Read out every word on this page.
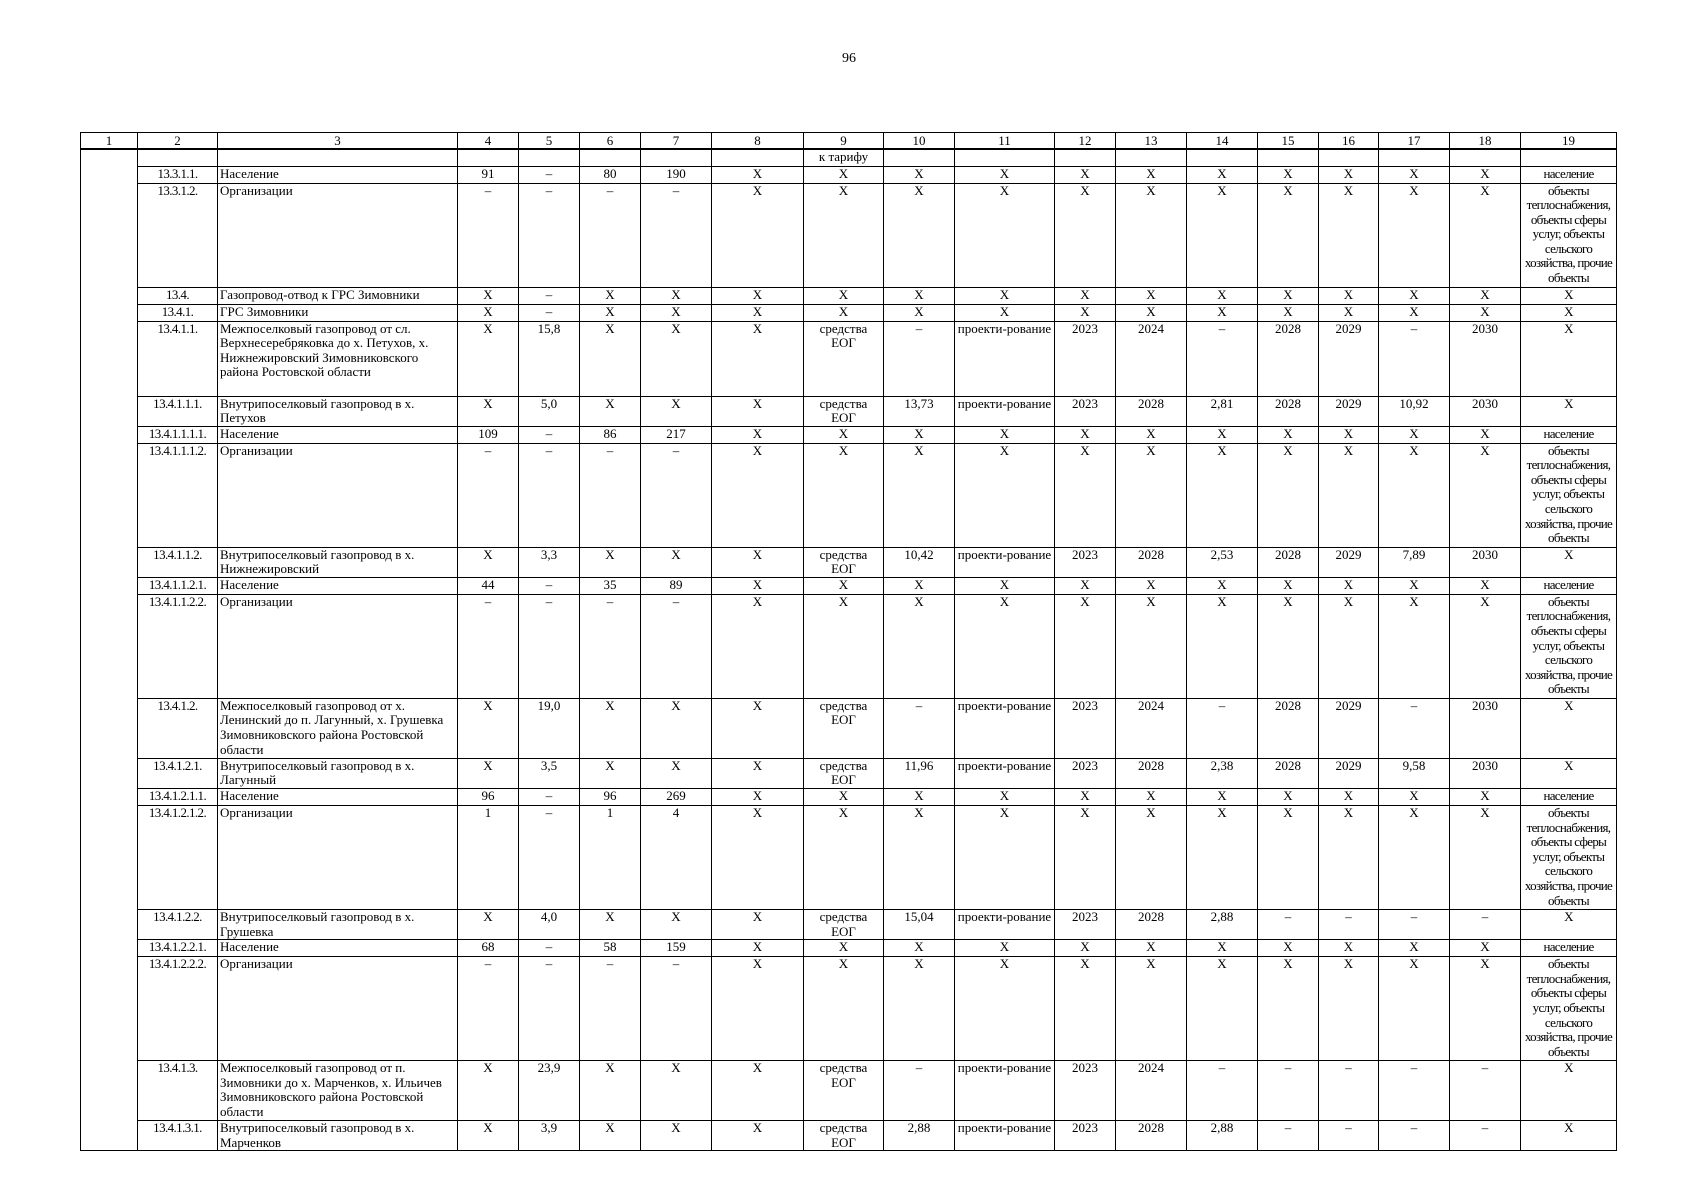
96
1	2	3	4	5	6	7	8	9	10	11	12	13	14	15	16	17	18	19
								к тарифу										
	13.3.1.1.	Население	91	–	80	190	X	X	X	X	X	X	X	X	X	X	X	население
	13.3.1.2.	Организации	–	–	–	–	X	X	X	X	X	X	X	X	X	X	X	объекты теплоснабжения, объекты сферы услуг, объекты сельского хозяйства, прочие объекты
	13.4.	Газопровод-отвод к ГРС Зимовники	X	–	X	X	X	X	X	X	X	X	X	X	X	X	X	X
	13.4.1.	ГРС Зимовники	X	–	X	X	X	X	X	X	X	X	X	X	X	X	X	X
	13.4.1.1.	Межпоселковый газопровод от сл. Верхнесеребряковка до х. Петухов, х. Нижнежировский Зимовниковского района Ростовской области	X	15,8	X	X	X	средства ЕОГ	–	проекти-рование	2023	2024	–	2028	2029	–	2030	X
	13.4.1.1.1.	Внутрипоселковый газопровод в х. Петухов	X	5,0	X	X	X	средства ЕОГ	13,73	проекти-рование	2023	2028	2,81	2028	2029	10,92	2030	X
	13.4.1.1.1.1.	Население	109	–	86	217	X	X	X	X	X	X	X	X	X	X	X	население
	13.4.1.1.1.2.	Организации	–	–	–	–	X	X	X	X	X	X	X	X	X	X	X	объекты теплоснабжения, объекты сферы услуг, объекты сельского хозяйства, прочие объекты
	13.4.1.1.2.	Внутрипоселковый газопровод в х. Нижнежировский	X	3,3	X	X	X	средства ЕОГ	10,42	проекти-рование	2023	2028	2,53	2028	2029	7,89	2030	X
	13.4.1.1.2.1.	Население	44	–	35	89	X	X	X	X	X	X	X	X	X	X	X	население
	13.4.1.1.2.2.	Организации	–	–	–	–	X	X	X	X	X	X	X	X	X	X	X	объекты теплоснабжения, объекты сферы услуг, объекты сельского хозяйства, прочие объекты
	13.4.1.2.	Межпоселковый газопровод от х. Ленинский до п. Лагунный, х. Грушевка Зимовниковского района Ростовской области	X	19,0	X	X	X	средства ЕОГ	–	проекти-рование	2023	2024	–	2028	2029	–	2030	X
	13.4.1.2.1.	Внутрипоселковый газопровод в х. Лагунный	X	3,5	X	X	X	средства ЕОГ	11,96	проекти-рование	2023	2028	2,38	2028	2029	9,58	2030	X
	13.4.1.2.1.1.	Население	96	–	96	269	X	X	X	X	X	X	X	X	X	X	X	население
	13.4.1.2.1.2.	Организации	1	–	1	4	X	X	X	X	X	X	X	X	X	X	X	объекты теплоснабжения, объекты сферы услуг, объекты сельского хозяйства, прочие объекты
	13.4.1.2.2.	Внутрипоселковый газопровод в х. Грушевка	X	4,0	X	X	X	средства ЕОГ	15,04	проекти-рование	2023	2028	2,88	–	–	–	–	X
	13.4.1.2.2.1.	Население	68	–	58	159	X	X	X	X	X	X	X	X	X	X	X	население
	13.4.1.2.2.2.	Организации	–	–	–	–	X	X	X	X	X	X	X	X	X	X	X	объекты теплоснабжения, объекты сферы услуг, объекты сельского хозяйства, прочие объекты
	13.4.1.3.	Межпоселковый газопровод от п. Зимовники до х. Марченков, х. Ильичев Зимовниковского района Ростовской области	X	23,9	X	X	X	средства ЕОГ	–	проекти-рование	2023	2024	–	–	–	–	–	X
	13.4.1.3.1.	Внутрипоселковый газопровод в х. Марченков	X	3,9	X	X	X	средства ЕОГ	2,88	проекти-рование	2023	2028	2,88	–	–	–	–	X
